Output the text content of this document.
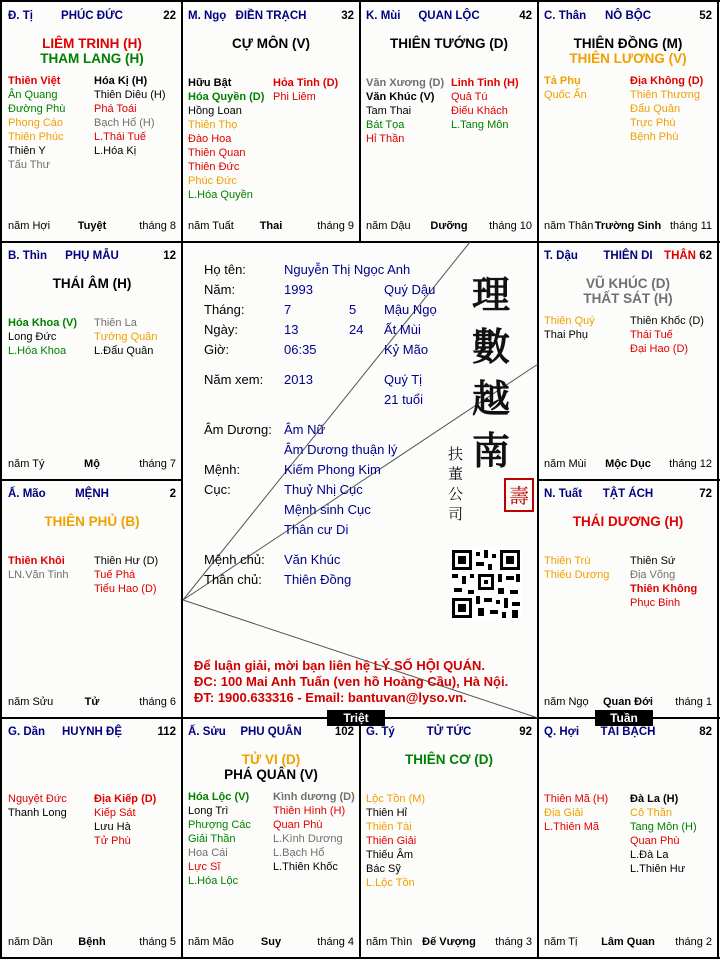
Đ. Tị	PHÚC ĐỨC	22
LIÊM TRINH (H)
THAM LANG (H)
Thiên Việt
Ân Quang
Đường Phù
Phong Cáo
Thiên Phúc
Thiên Y
Tấu Thư
Hóa Kị (H)
Thiên Diêu (H)
Phá Toái
Bạch Hổ (H)
L.Thái Tuế
L.Hóa Kị
năm Hợi	Tuyệt	tháng 8
M. Ngọ ĐIỀN TRẠCH	32
CỰ MÔN (V)
Hữu Bật
Hóa Quyền (D)
Hồng Loan
Thiên Thọ
Đào Hoa
Thiên Quan
Thiên Đức
Phúc Đức
L.Hóa Quyền
Hỏa Tinh (D)
Phi Liêm
năm Tuất	Thai	tháng 9
K. Mùi	QUAN LỘC	42
THIÊN TƯỚNG (D)
Văn Xương (D)
Văn Khúc (V)
Tam Thai
Bát Tọa
Hỉ Thần
Linh Tinh (H)
Quả Tú
Điếu Khách
L.Tang Môn
năm Dậu	Dưỡng	tháng 10
C. Thân	NÔ BỘC	52
THIÊN ĐỒNG (M)
THIÊN LƯƠNG (V)
Tả Phụ
Quốc Ấn
Địa Không (D)
Thiên Thương
Đẩu Quân
Trực Phù
Bệnh Phù
năm Thân Trường Sinh tháng 11
B. Thìn	PHỤ MẪU	12
THÁI ÂM (H)
Hóa Khoa (V)
Long Đức
L.Hóa Khoa
Thiên La
Tướng Quân
L.Đẩu Quân
năm Tý	Mộ	tháng 7
T. Dậu	THIÊN DI	62
THÂN
VŨ KHÚC (D)
THẤT SÁT (H)
Thiên Quý
Thai Phụ
Thiên Khốc (D)
Thái Tuế
Đại Hao (D)
năm Mùi	Mộc Dục	tháng 12
Ấ. Mão	MỆNH	2
THIÊN PHỦ (B)
Thiên Khôi
LN.Văn Tinh
Thiên Hư (D)
Tuế Phá
Tiểu Hao (D)
năm Sửu	Tử	tháng 6
N. Tuất	TẬT ÁCH	72
THÁI DƯƠNG (H)
Thiên Trù
Thiếu Dương
Thiên Sứ
Địa Võng
Thiên Không
Phục Binh
năm Ngọ	Quan Đới	tháng 1
G. Dần	HUYNH ĐỆ	112
Nguyệt Đức
Thanh Long
Địa Kiếp (D)
Kiếp Sát
Lưu Hà
Tử Phù
năm Dần	Bệnh	tháng 5
Ấ. Sửu	PHU QUÂN	102
TỬ VI (D)
PHÁ QUÂN (V)
Hóa Lộc (V)
Long Trì
Phượng Các
Giải Thần
Hoa Cái
Lực Sĩ
L.Hóa Lộc
Kình dương (D)
Thiên Hình (H)
Quan Phù
L.Kình Dương
L.Bạch Hổ
L.Thiên Khốc
năm Mão	Suy	tháng 4
G. Tý	TỬ TỨC	92
THIÊN CƠ (D)
Lộc Tồn (M)
Thiên Hỉ
Thiên Tài
Thiên Giải
Thiếu Âm
Bác Sỹ
L.Lộc Tồn
năm Thìn Đế Vượng	tháng 3
Q. Hợi	TÀI BẠCH	82
Thiên Mã (H)
Địa Giải
L.Thiên Mã
Đà La (H)
Cô Thần
Tang Môn (H)
Quan Phù
L.Đà La
L.Thiên Hư
năm Tị	Lâm Quan	tháng 2
Họ tên:	Nguyễn Thị Ngọc Anh
Năm:	1993	Quý Dậu
Tháng:	7	5 Mậu Ngọ
Ngày:	13	24 Ất Mùi
Giờ:	06:35	Kỷ Mão
Năm xem: 2013	Quý Tị
21 tuổi
Âm Dương: Âm Nữ
Âm Dương thuận lý
Mệnh:	Kiếm Phong Kim
Cục:	Thuỷ Nhị Cục
Mệnh sinh Cục
Thân cư Di
Mệnh chủ: Văn Khúc
Thân chủ: Thiên Đồng
理
數
越
南
扶
董
公
司
壽
Để luận giải, mời bạn liên hệ LÝ SỐ HỘI QUÁN.
ĐC: 100 Mai Anh Tuấn (ven hồ Hoàng Cầu), Hà Nội.
ĐT: 1900.633316 - Email: bantuvan@lyso.vn.
Triệt	Tuần
